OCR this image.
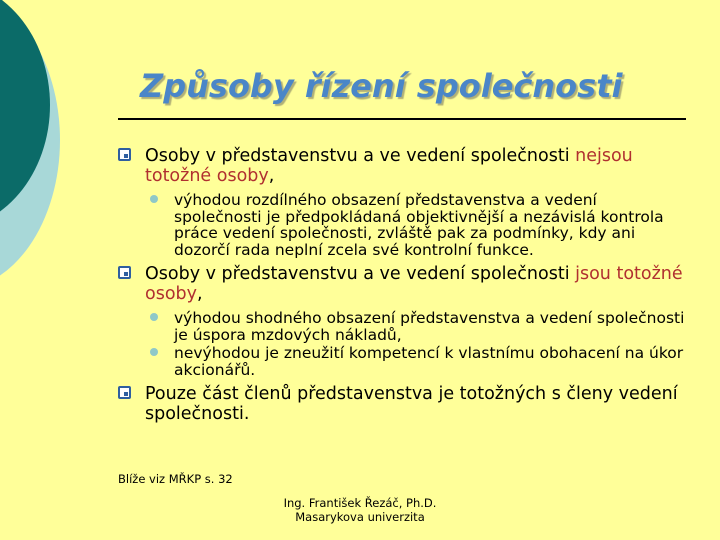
Způsoby řízení společnosti
Osoby v představenstvu a ve vedení společnosti nejsou totožné osoby,
výhodou rozdílného obsazení představenstva a vedení společnosti je předpokládaná objektivnější a nezávislá kontrola práce vedení společnosti, zvláště pak za podmínky, kdy ani dozorčí rada neplní zcela své kontrolní funkce.
Osoby v představenstvu a ve vedení společnosti jsou totožné osoby,
výhodou shodného obsazení představenstva a vedení společnosti je úspora mzdových nákladů,
nevýhodou je zneužití kompetencí k vlastnímu obohacení na úkor akcionářů.
Pouze část členů představenstva je totožných s členy vedení společnosti.
Blíže viz MŘKP s. 32
Ing. František Řezáč, Ph.D.
Masarykova univerzita
